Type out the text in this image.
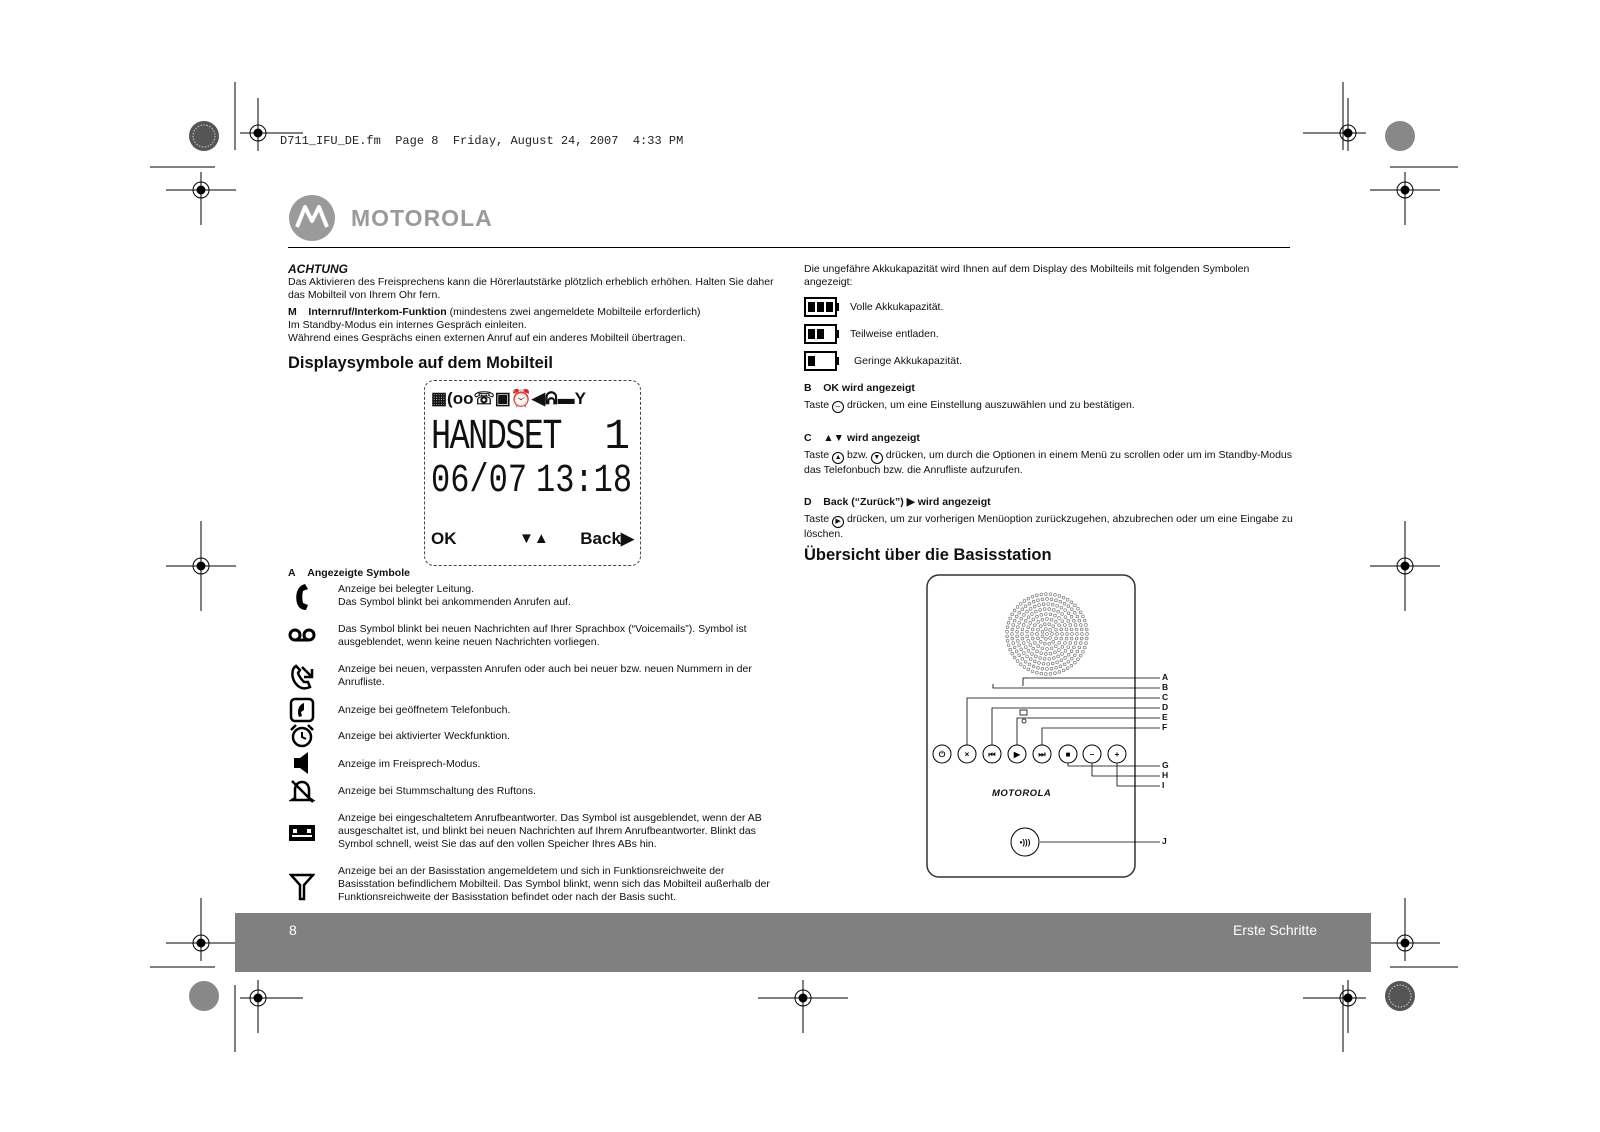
D711_IFU_DE.fm  Page 8  Friday, August 24, 2007  4:33 PM
MOTOROLA

ACHTUNG

Das Aktivieren des Freisprechens kann die Hörerlautstärke plötzlich erheblich erhöhen. Halten Sie daher das Mobilteil von Ihrem Ohr fern.

M Internruf/Interkom-Funktion (mindestens zwei angemeldete Mobilteile erforderlich)

Im Standby-Modus ein internes Gespräch einleiten.

Während eines Gesprächs einen externen Anruf auf ein anderes Mobilteil übertragen.

Displaysymbole auf dem Mobilteil

▦(oo☏▣⏰◀ᕱ▬Y
HANDSET 1
06/07 13:18
OK	▼▲ Back▶
A Angezeigte Symbole
Anzeige bei belegter Leitung.
Das Symbol blinkt bei ankommenden Anrufen auf.
Das Symbol blinkt bei neuen Nachrichten auf Ihrer Sprachbox (“Voicemails”). Symbol ist ausgeblendet, wenn keine neuen Nachrichten vorliegen.
Anzeige bei neuen, verpassten Anrufen oder auch bei neuer bzw. neuen Nummern in der Anrufliste.
Anzeige bei geöffnetem Telefonbuch.
Anzeige bei aktivierter Weckfunktion.
Anzeige im Freisprech-Modus.
Anzeige bei Stummschaltung des Ruftons.
Anzeige bei eingeschaltetem Anrufbeantworter. Das Symbol ist ausgeblendet, wenn der AB ausgeschaltet ist, und blinkt bei neuen Nachrichten auf Ihrem Anrufbeantworter. Blinkt das Symbol schnell, weist Sie das auf den vollen Speicher Ihres ABs hin.
Anzeige bei an der Basisstation angemeldetem und sich in Funktionsreichweite der Basisstation befindlichem Mobilteil. Das Symbol blinkt, wenn sich das Mobilteil außerhalb der Funktionsreichweite der Basisstation befindet oder nach der Basis sucht.
Die ungefähre Akkukapazität wird Ihnen auf dem Display des Mobilteils mit folgenden Symbolen angezeigt:
Volle Akkukapazität.
Teilweise entladen.
Geringe Akkukapazität.

B OK wird angezeigt

Taste – drücken, um eine Einstellung auszuwählen und zu bestätigen.

C ▲▼ wird angezeigt

Taste ▲ bzw. ▼ drücken, um durch die Optionen in einem Menü zu scrollen oder um im Standby-Modus das Telefonbuch bzw. die Anrufliste aufzurufen.

D Back (“Zurück”) ▶ wird angezeigt

Taste ▶ drücken, um zur vorherigen Menüoption zurückzugehen, abzubrechen oder um eine Eingabe zu löschen.

Übersicht über die Basisstation

× ⏮ ▶ ⏭ ■ –	+
⏻
•)))
MOTOROLA
A
B
C
D
E
F
G
H
I
J
8	Erste Schritte
